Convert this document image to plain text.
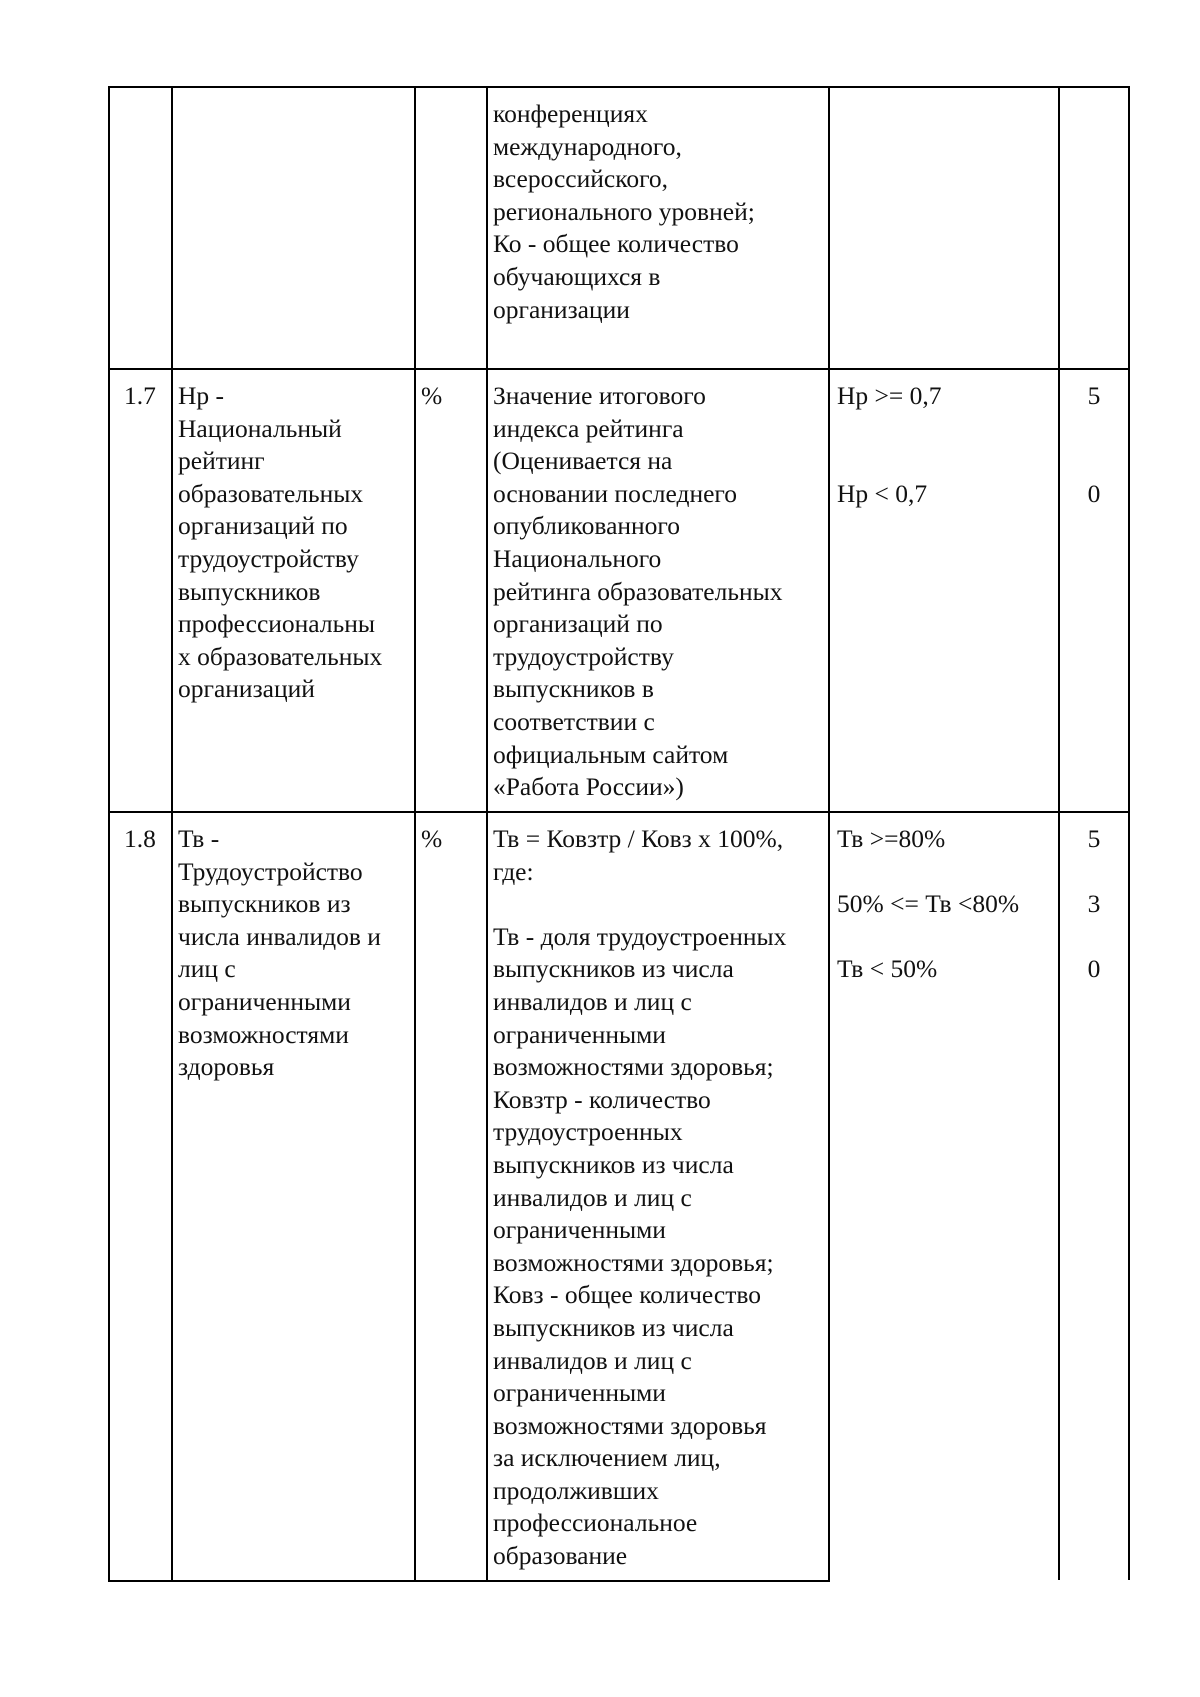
конференциях
международного,
всероссийского,
регионального уровней;
Ко - общее количество
обучающихся в
организации
1.7 Нр -
Национальный
рейтинг
образовательных
организаций по
трудоустройству
выпускников
профессиональны
х образовательных
организаций
% Значение итогового
индекса рейтинга
(Оценивается на
основании последнего
опубликованного
Национального
рейтинга образовательных
организаций по
трудоустройству
выпускников в
соответствии с
официальным сайтом
«Работа России»)
Нр >= 0,7
Нр < 0,7
5
0
1.8 Тв -
Трудоустройство
выпускников из
числа инвалидов и
лиц с
ограниченными
возможностями
здоровья
% Тв = Ковзтр / Ковз х 100%,
где:

Тв - доля трудоустроенных
выпускников из числа
инвалидов и лиц с
ограниченными
возможностями здоровья;
Ковзтр - количество
трудоустроенных
выпускников из числа
инвалидов и лиц с
ограниченными
возможностями здоровья;
Ковз - общее количество
выпускников из числа
инвалидов и лиц с
ограниченными
возможностями здоровья
за исключением лиц,
продолживших
профессиональное
образование
Тв >=80%
50% <= Тв <80%
Тв < 50%
5
3
0
